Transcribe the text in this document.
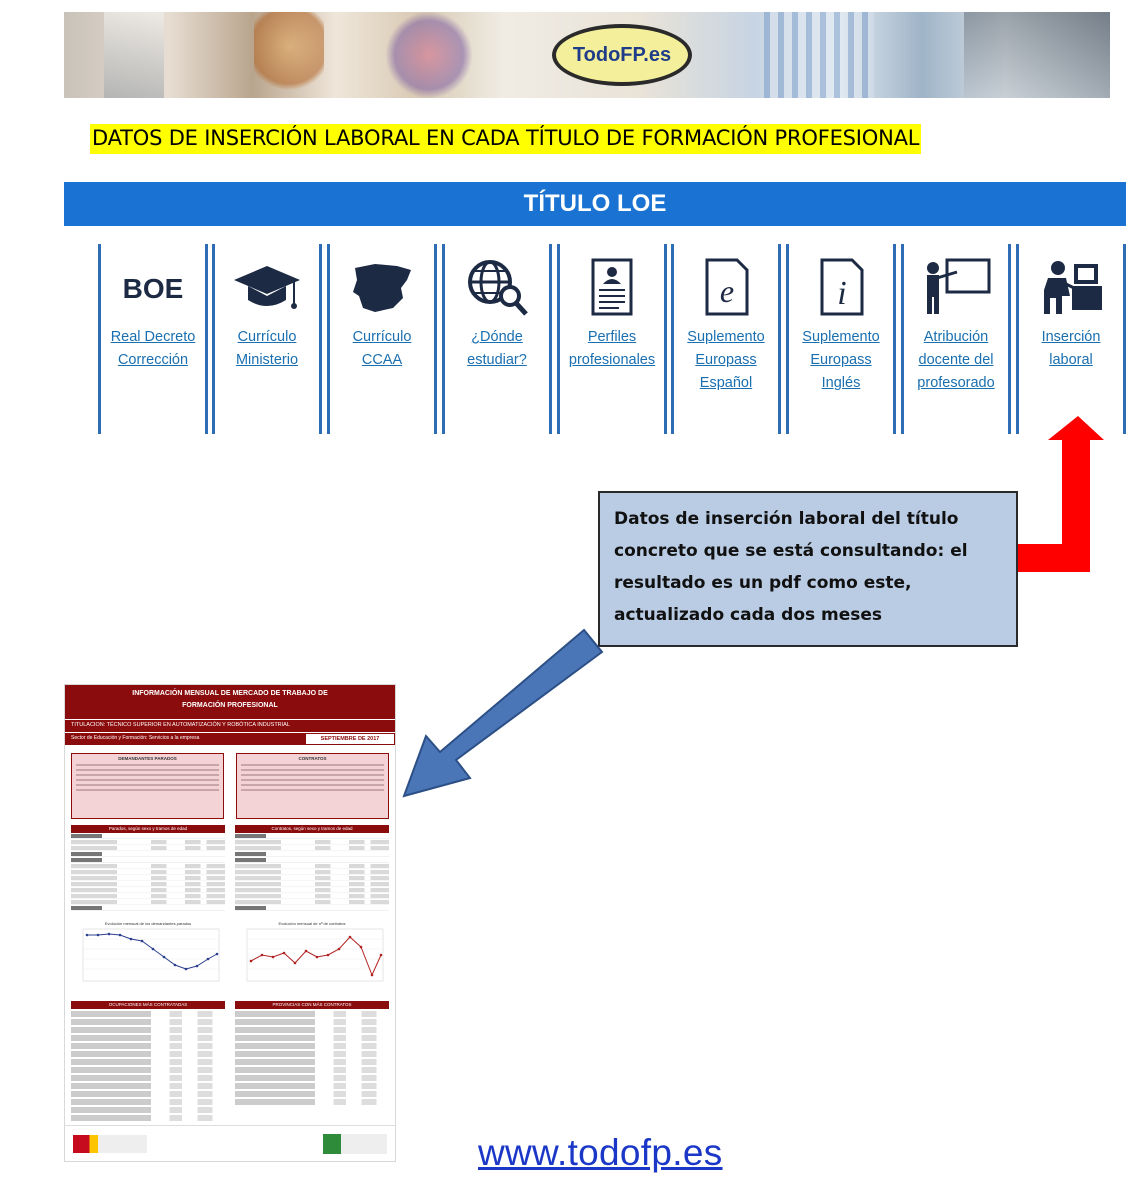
TodoFP.es
DATOS DE INSERCIÓN LABORAL EN CADA TÍTULO DE FORMACIÓN PROFESIONAL
TÍTULO LOE
BOE
Real Decreto
Corrección
Currículo
Ministerio
Currículo
CCAA
¿Dónde
estudiar?
Perfiles
profesionales
e
Suplemento
Europass
Español
i
Suplemento
Europass
Inglés
Atribución
docente del
profesorado
Inserción
laboral
Datos de inserción laboral del título
concreto que se está consultando: el
resultado es un pdf como este,
actualizado cada dos meses
INFORMACIÓN MENSUAL DE MERCADO DE TRABAJO DE
FORMACIÓN PROFESIONAL
TITULACION: TÉCNICO SUPERIOR EN AUTOMATIZACIÓN Y ROBÓTICA INDUSTRIAL
Sector de Educación y Formación: Servicios a la empresa	SEPTIEMBRE DE 2017
DEMANDANTES PARADOS	CONTRATOS
Parados, según sexo y tramos de edad	Contratos, según sexo y tramos de edad
Evolución mensual de los demandantes parados	Evolución mensual de nº de contratos
OCUPACIONES MÁS CONTRATADAS	PROVINCIAS CON MÁS CONTRATOS
www.todofp.es
